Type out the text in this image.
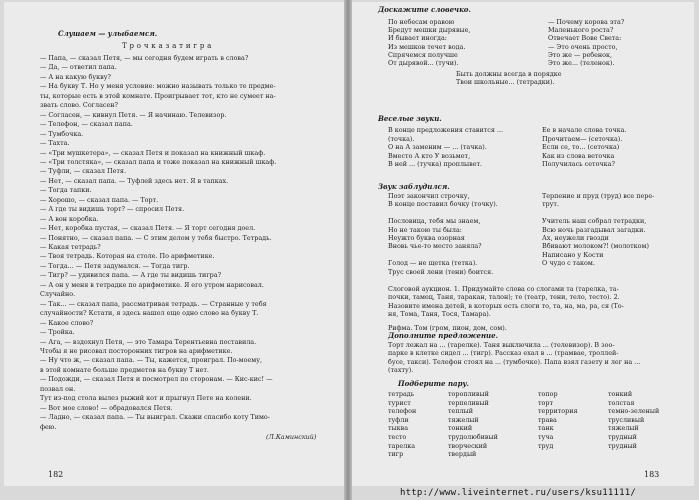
Слушаем — улыбаемся.
Т р о ч к а з а т и г р а
— Папа, — сказал Петя, — мы сегодня будем играть в слова?
— Да, — ответил папа.
— А на какую букву?
— На букву Т. Но у меня условие: можно называть только те предме-
ты, которые есть в этой комнате. Проигрывает тот, кто не сумеет на-
звать слово. Согласен?
— Согласен, — кивнул Петя. — Я начинаю. Телевизор.
— Телефон, — сказал папа.
— Тумбочка.
— Тахта.
— «Три мушкетера», — сказал Петя и показал на книжный шкаф.
— «Три толстяка», — сказал папа и тоже показал на книжный шкаф.
— Туфли, — сказал Петя.
— Нет, — сказал папа. — Туфлей здесь нет. Я в тапках.
— Тогда тапки.
— Хорошо, — сказал папа. — Торт.
— А где ты видишь торт? — спросил Петя.
— А вон коробка.
— Нет, коробка пустая, — сказал Петя. — Я торт сегодня доел.
— Понятно, — сказал папа. — С этим делом у тебя быстро. Тетрадь.
— Какая тетрадь?
— Твоя тетрадь. Которая на столе. По арифметике.
— Тогда... — Петя задумался. — Тогда тигр.
— Тигр? — удивился папа. — А где ты видишь тигра?
— А он у меня в тетрадке по арифметике. Я его утром нарисовал.
Случайно.
— Так... — сказал папа, рассматривая тетрадь. — Странные у тебя
случайности? Кстати, я здесь нашел еще одно слово на букву Т.
— Какое слово?
— Тройка.
— Ага, — вздохнул Петя, — это Тамара Терентьевна поставила.
Чтобы я не рисовал посторонних тигров на арифметике.
— Ну что ж, — сказал папа. — Ты, кажется, проиграл. По-моему,
в этой комнате больше предметов на букву Т нет.
— Подожди, — сказал Петя и посмотрел по сторонам. — Кис-кис! —
позвал он.
Тут из-под стола вылез рыжий кот и прыгнул Пете на колени.
— Вот мое слово! — обрадовался Петя.
— Ладно, — сказал папа. — Ты выиграл. Скажи спасибо коту Тимо-
фею.
(Л.Каминский)
182
Доскажите словечко.
По небесам оравою
Бредут мешки дырявые,
И бывает иногда:
Из мешков течет вода.
Спрячемся получше
От дырявой... (тучи).
— Почему корова эта?
Маленького роста?
Отвечает Вовe Света:
— Это очень просто,
Это же — ребенок,
Это же... (теленок).
Быть должны всегда в порядке
Твои школьные... (тетрадки).
Веселые звуки.
В конце предложения ставится ...
(точка).
О на А заменим — ... (тачка).
Вместо А кто У возьмет,
В ней ... (тучка) проплывет.
Ее в начале слова точка.
Прочитаем— (сеточка).
Если се, то... (сеточка)
Как из слова веточка
Получилась сеточка?
Звук заблудился.
Поэт закончил строчку,
В конце поставил бочку (точку).
Пословица, тебя мы знаем,
Но не такою ты была:
Неужто буква озорная
Вновь чье-то место заняла?
Голод — не щетка (тетка).
Трус своей лени (тени) боится.
Терпение и пруд (труд) все пере-
трут.
Учитель наш собрал тетрадки,
Всю ночь разгадывал загадки.
Ах, неужели гвозди
Вбивают молоком?! (молотком)
Написано у Кости
О чудо с таком.
Слоговой аукцион. 1. Придумайте слова со слогами та (тарелка, та-
почки, тамец, Таня, таракан, талон); те (театр, тени, тело, тесто). 2.
Назовите имена детей, в которых есть слоги то, та, на, ма, ра, ся (То-
ня, Тома, Таня, Тося, Тамара).
Рифма. Том (гром, пион, дом, сом).
Дополните предложение.
Торт лежал на ... (тарелке). Таня выключила ... (телевизор). В зоо-
парке в клетке сидел ... (тигр). Рассказ ехал в ... (трамвае, троллей-
бусе, такси). Телефон стоял на ... (тумбочке). Папа взял газету и лег на ...
(тахту).
Подберите пару.
тетрадь
турист
телефон
туфли
тыква
тесто
тарелка
тигр
торопливый
терпеливый
теплый
тяжелый
тонкий
трудолюбивый
творческий
твердый
топор
торт
территория
трава
танк
туча
труд
тонкий
толстая
темно-зеленый
трусливый
тяжелый
трудный
трудный
183
http://www.liveinternet.ru/users/ksu11111/
